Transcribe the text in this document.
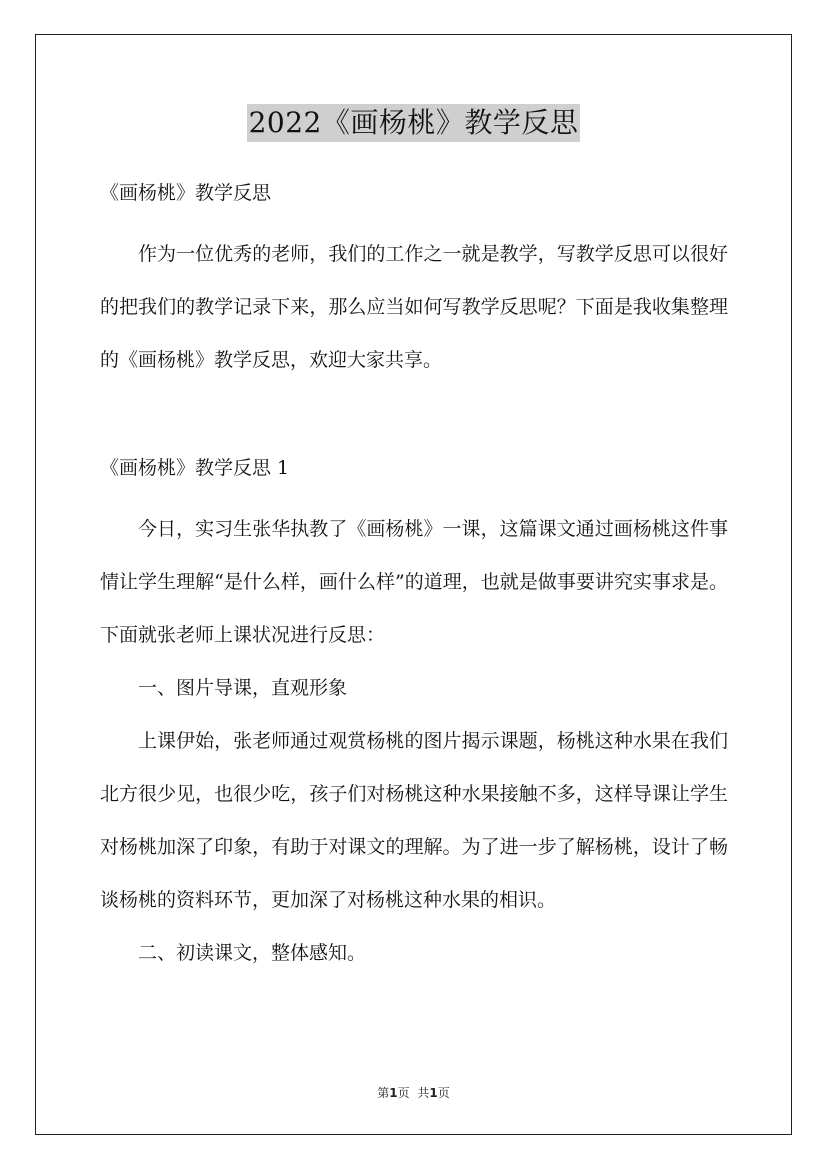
2022《画杨桃》教学反思

《画杨桃》教学反思

作为一位优秀的老师，我们的工作之一就是教学，写教学反思可以很好的把我们的教学记录下来，那么应当如何写教学反思呢？下面是我收集整理的《画杨桃》教学反思，欢迎大家共享。

《画杨桃》教学反思 1

今日，实习生张华执教了《画杨桃》一课，这篇课文通过画杨桃这件事情让学生理解“是什么样，画什么样”的道理，也就是做事要讲究实事求是。下面就张老师上课状况进行反思：

一、图片导课，直观形象

上课伊始，张老师通过观赏杨桃的图片揭示课题，杨桃这种水果在我们北方很少见，也很少吃，孩子们对杨桃这种水果接触不多，这样导课让学生对杨桃加深了印象，有助于对课文的理解。为了进一步了解杨桃，设计了畅谈杨桃的资料环节，更加深了对杨桃这种水果的相识。

二、初读课文，整体感知。

第1页 共1页
